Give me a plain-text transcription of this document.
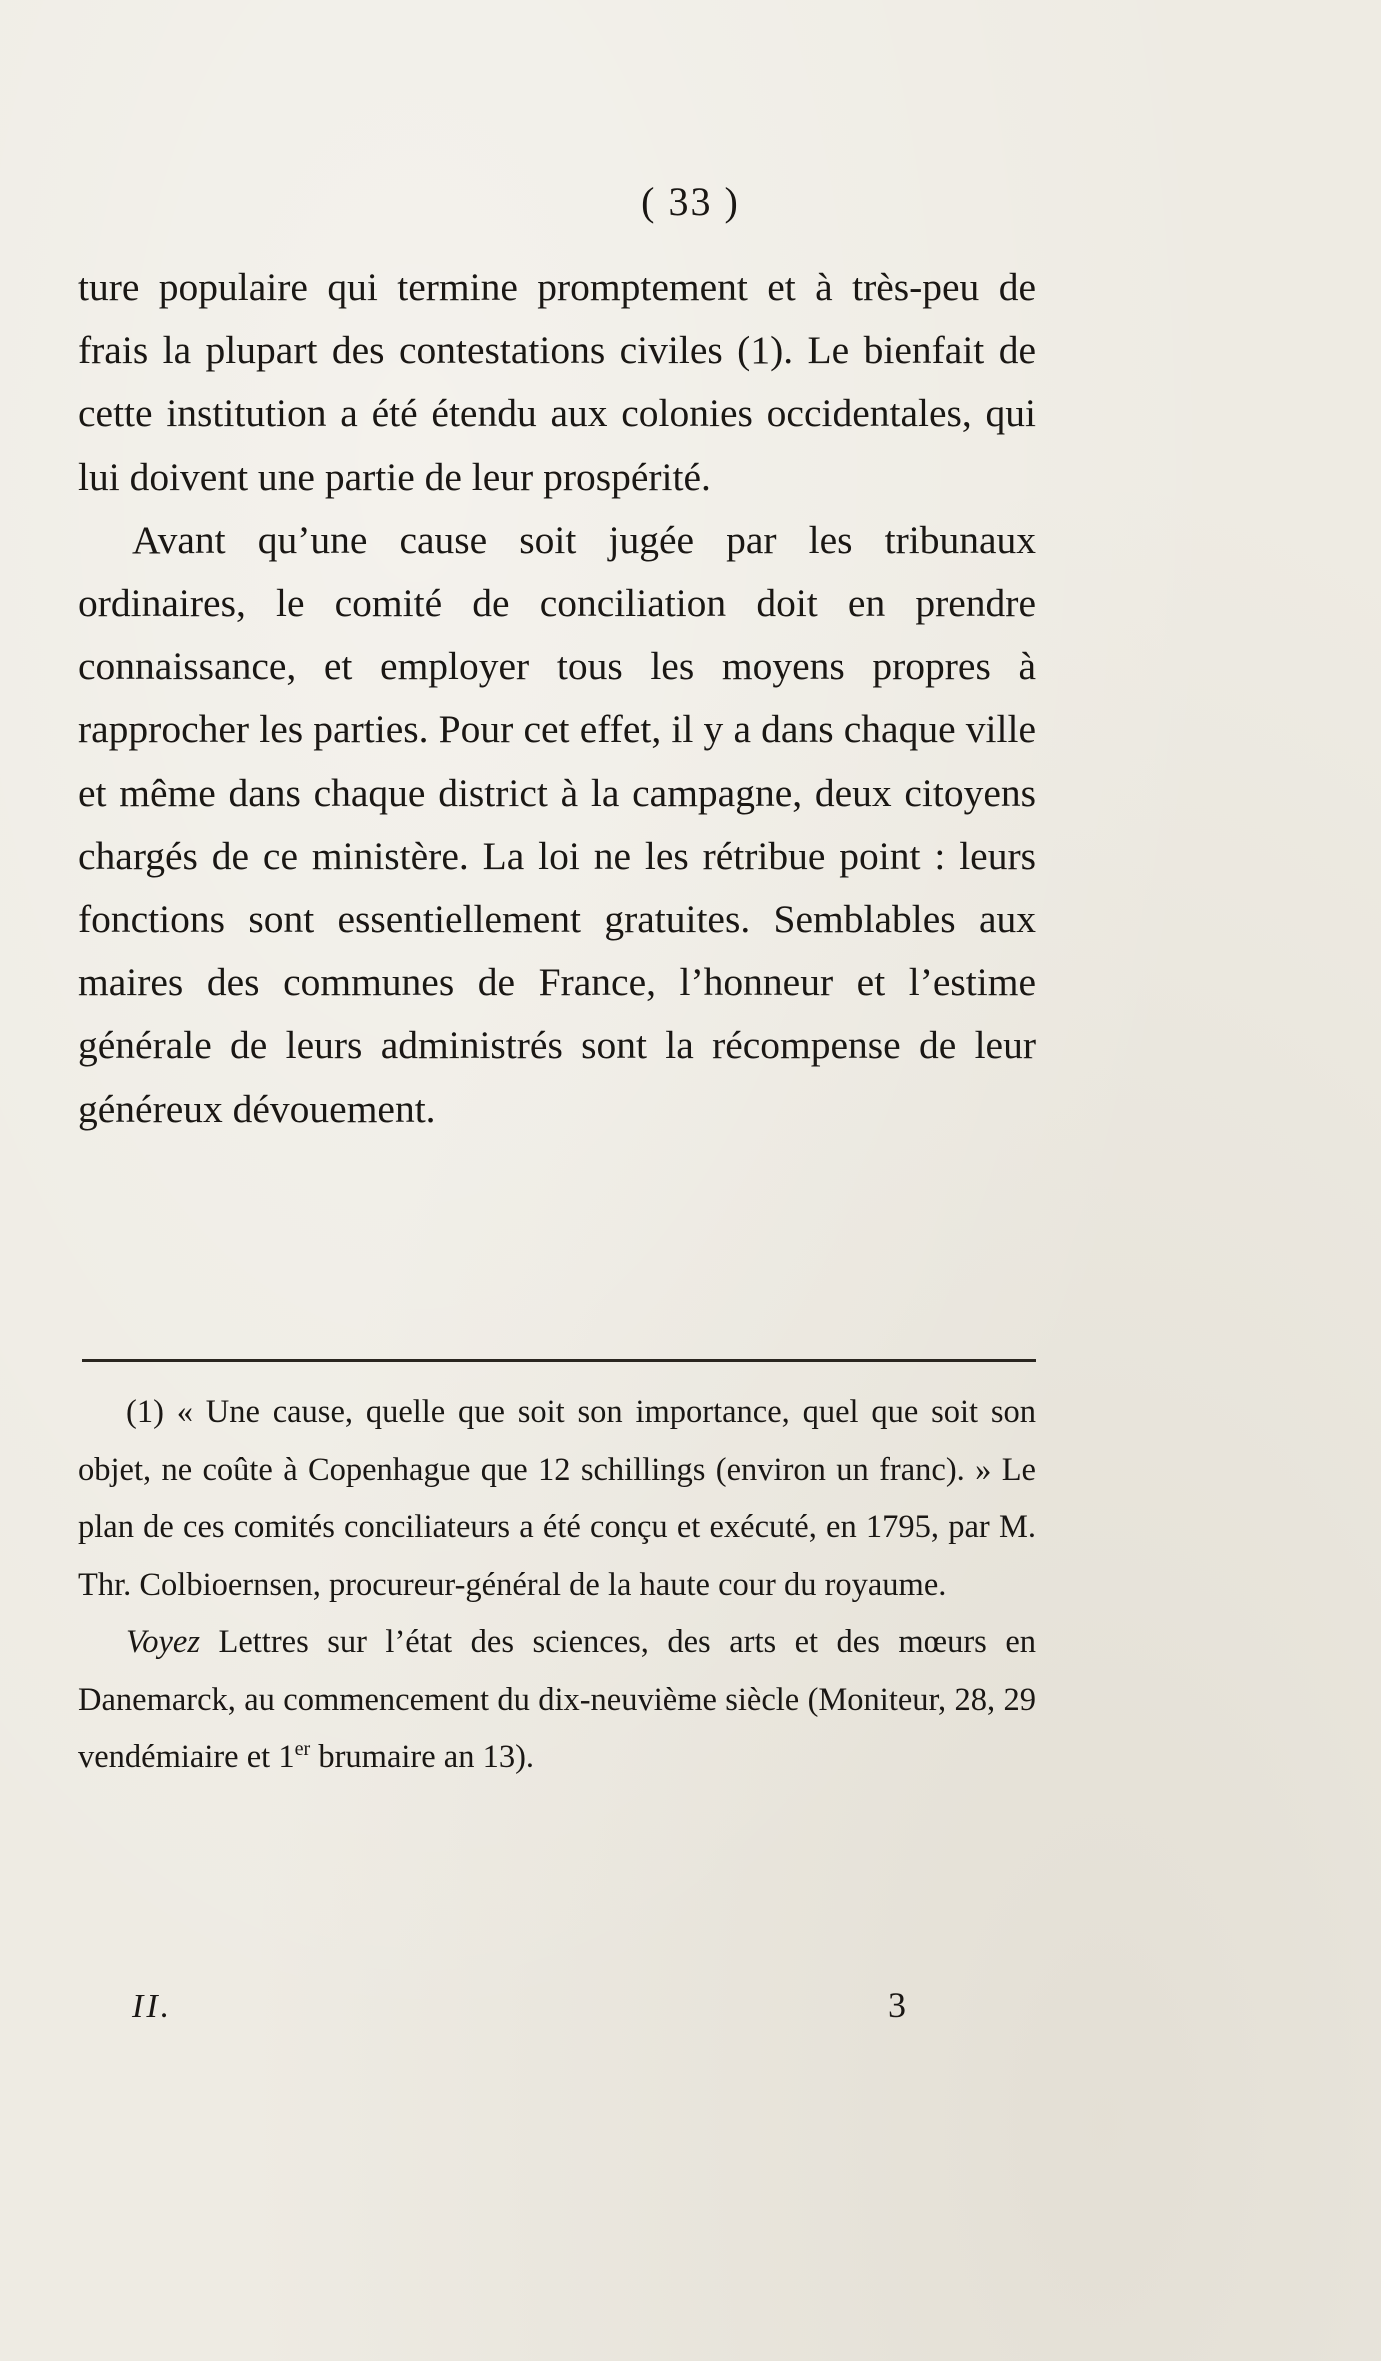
( 33 )

ture populaire qui termine promptement et à très-peu de frais la plupart des contestations civiles (1). Le bienfait de cette institution a été étendu aux colonies occidentales, qui lui doivent une partie de leur prospérité.

Avant qu’une cause soit jugée par les tribunaux ordinaires, le comité de conciliation doit en prendre connaissance, et employer tous les moyens propres à rapprocher les parties. Pour cet effet, il y a dans chaque ville et même dans chaque district à la campagne, deux citoyens chargés de ce ministère. La loi ne les rétribue point : leurs fonctions sont essentiellement gratuites. Semblables aux maires des communes de France, l’honneur et l’estime générale de leurs administrés sont la récompense de leur généreux dévouement.

(1) « Une cause, quelle que soit son importance, quel que soit son objet, ne coûte à Copenhague que 12 schillings (environ un franc). » Le plan de ces comités conciliateurs a été conçu et exécuté, en 1795, par M. Thr. Colbioernsen, procureur-général de la haute cour du royaume.

Voyez Lettres sur l’état des sciences, des arts et des mœurs en Danemarck, au commencement du dix-neuvième siècle (Moniteur, 28, 29 vendémiaire et 1er brumaire an 13).

II.	3
